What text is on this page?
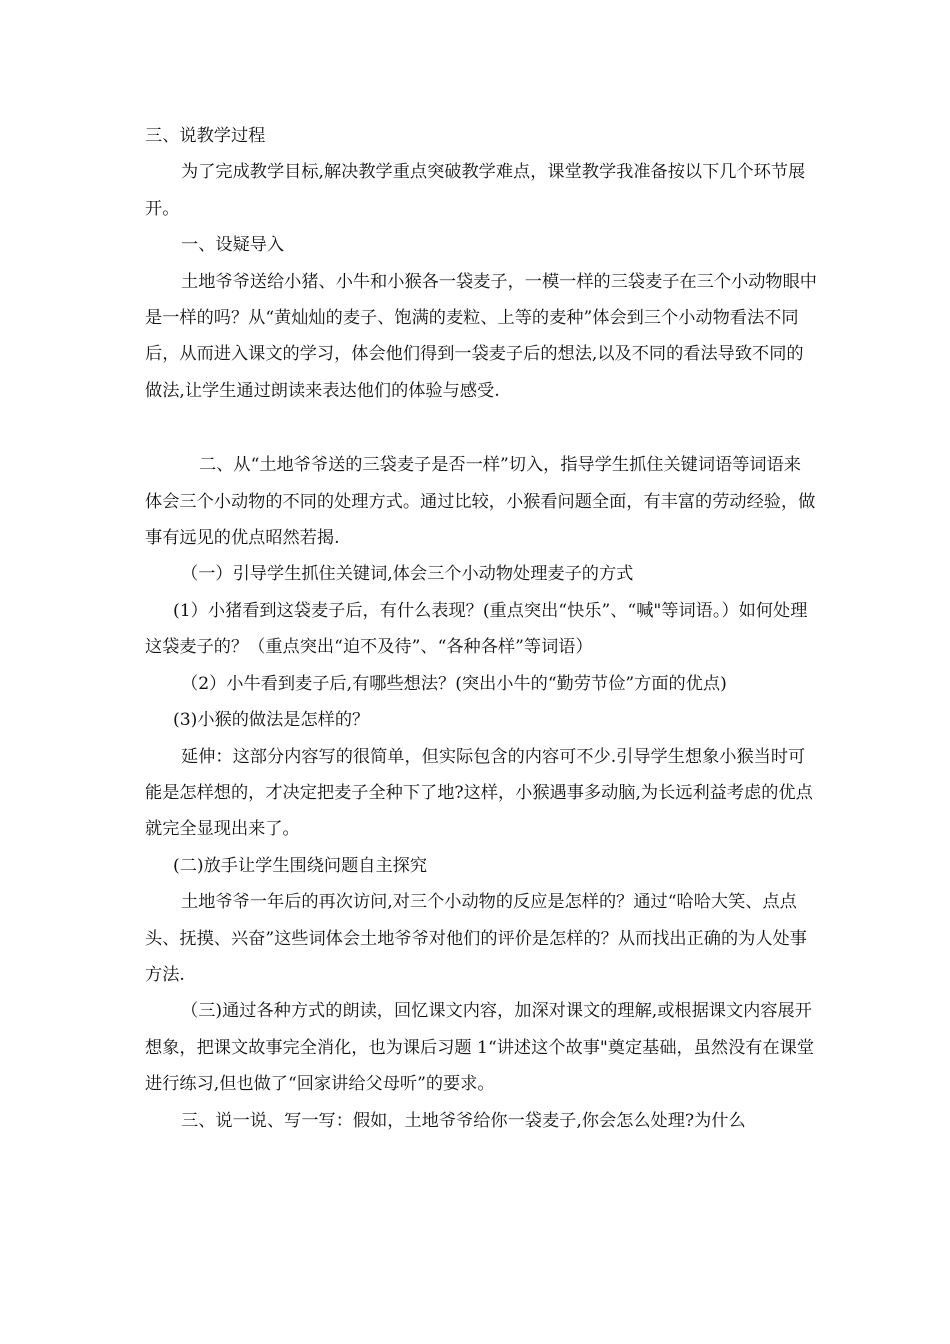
三、说教学过程

为了完成教学目标,解决教学重点突破教学难点，课堂教学我准备按以下几个环节展开。

一、设疑导入

土地爷爷送给小猪、小牛和小猴各一袋麦子，一模一样的三袋麦子在三个小动物眼中是一样的吗？从“黄灿灿的麦子、饱满的麦粒、上等的麦种”体会到三个小动物看法不同后，从而进入课文的学习，体会他们得到一袋麦子后的想法,以及不同的看法导致不同的做法,让学生通过朗读来表达他们的体验与感受.

二、从“土地爷爷送的三袋麦子是否一样”切入，指导学生抓住关键词语等词语来体会三个小动物的不同的处理方式。通过比较，小猴看问题全面，有丰富的劳动经验，做事有远见的优点昭然若揭.

（一）引导学生抓住关键词,体会三个小动物处理麦子的方式

(1）小猪看到这袋麦子后，有什么表现？(重点突出“快乐”、“喊"等词语。）如何处理这袋麦子的？（重点突出“迫不及待”、“各种各样”等词语）

（2）小牛看到麦子后,有哪些想法？(突出小牛的“勤劳节俭”方面的优点)

(3)小猴的做法是怎样的？

延伸：这部分内容写的很简单，但实际包含的内容可不少.引导学生想象小猴当时可能是怎样想的，才决定把麦子全种下了地?这样，小猴遇事多动脑,为长远利益考虑的优点就完全显现出来了。

(二)放手让学生围绕问题自主探究

土地爷爷一年后的再次访问,对三个小动物的反应是怎样的？通过“哈哈大笑、点点头、抚摸、兴奋”这些词体会土地爷爷对他们的评价是怎样的？从而找出正确的为人处事方法.

（三)通过各种方式的朗读，回忆课文内容，加深对课文的理解,或根据课文内容展开想象，把课文故事完全消化，也为课后习题 1“讲述这个故事"奠定基础，虽然没有在课堂进行练习,但也做了“回家讲给父母听”的要求。

三、说一说、写一写：假如，土地爷爷给你一袋麦子,你会怎么处理?为什么
